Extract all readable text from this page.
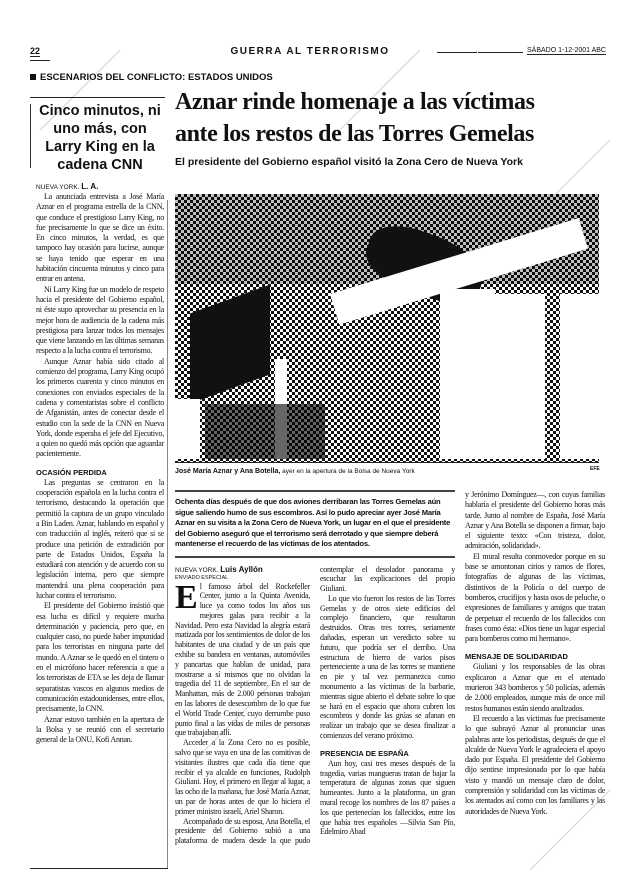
22	GUERRA AL TERRORISMO	SÁBADO 1-12-2001 ABC
ESCENARIOS DEL CONFLICTO: ESTADOS UNIDOS
Cinco minutos, ni uno más, con Larry King en la cadena CNN
NUEVA YORK. L. A.

La anunciada entrevista a José María Aznar en el programa estrella de la CNN, que conduce el prestigioso Larry King, no fue precisamente lo que se dice un éxito. En cinco minutos, la verdad, es que tampoco hay ocasión para lucirse, aunque se haya tenido que esperar en una habitación cincuenta minutos y cinco para entrar en antena.

Ni Larry King fue un modelo de respeto hacia el presidente del Gobierno español, ni éste supo aprovechar su presencia en la mejor hora de audiencia de la cadena más prestigiosa para lanzar todos los mensajes que viene lanzando en las últimas semanas respecto a la lucha contra el terrorismo.

Aunque Aznar había sido citado al comienzo del programa, Larry King ocupó los primeros cuarenta y cinco minutos en conexiones con enviados especiales de la cadena y comentaristas sobre el conflicto de Afganistán, antes de conectar desde el estudio con la sede de la CNN en Nueva York, donde esperaba el jefe del Ejecutivo, a quien no quedó más opción que aguardar pacientemente.

OCASIÓN PERDIDA

Las preguntas se centraron en la cooperación española en la lucha contra el terrorismo, destacando la operación que permitió la captura de un grupo vinculado a Bin Laden. Aznar, hablando en español y con traducción al inglés, reiteró que si se produce una petición de extradición por parte de Estados Unidos, España la estudiará con atención y de acuerdo con su legislación interna, pero que siempre mantendrá una plena cooperación para luchar contra el terrorismo.

El presidente del Gobierno insistió que esa lucha es difícil y requiere mucha determinación y paciencia, pero que, en cualquier caso, no puede haber impunidad para los terroristas en ninguna parte del mundo. A Aznar se le quedó en el tintero o en el micrófono hacer referencia a que a los terroristas de ETA se les deja de llamar separatistas vascos en algunos medios de comunicación estadounidenses, entre ellos, precisamente, la CNN.

Aznar estuvo también en la apertura de la Bolsa y se reunió con el secretario general de la ONU, Kofi Annan.

Aznar rinde homenaje a las víctimas
ante los restos de las Torres Gemelas
El presidente del Gobierno español visitó la Zona Cero de Nueva York
EFE
José María Aznar y Ana Botella, ayer en la apertura de la Bolsa de Nueva York
Ochenta días después de que dos aviones derribaran las Torres Gemelas aún sigue saliendo humo de sus escombros. Así lo pudo apreciar ayer José María Aznar en su visita a la Zona Cero de Nueva York, un lugar en el que el presidente del Gobierno aseguró que el terrorismo será derrotado y que siempre deberá mantenerse el recuerdo de las víctimas de los atentados.
NUEVA YORK. Luis Ayllón
ENVIADO ESPECIAL

El famoso árbol del Rockefeller Center, junto a la Quinta Avenida, luce ya como todos los años sus mejores galas para recibir a la Navidad. Pero esta Navidad la alegría estará matizada por los sentimientos de dolor de los habitantes de una ciudad y de un país que exhibe su bandera en ventanas, automóviles y pancartas que hablan de unidad, para mostrarse a sí mismos que no olvidan la tragedia del 11 de septiembre. En el sur de Manhattan, más de 2.000 personas trabajan en las labores de desescombro de lo que fue el World Trade Center, cuyo derrumbe puso punto final a las vidas de miles de personas que trabajaban allí.

Acceder a la Zona Cero no es posible, salvo que se vaya en una de las comitivas de visitantes ilustres que cada día tiene que recibir el ya alcalde en funciones, Rudolph Giuliani. Hoy, el primero en llegar al lugar, a las ocho de la mañana, fue José María Aznar, un par de horas antes de que lo hiciera el primer ministro israelí, Ariel Sharon.

Acompañado de su esposa, Ana Botella, el presidente del Gobierno subió a una plataforma de madera desde la que pudo contemplar el desolador panorama y escuchar las explicaciones del propio Giuliani.

Lo que vio fueron los restos de las Torres Gemelas y de otros siete edificios del complejo financiero, que resultaron destruidos. Otras tres torres, seriamente dañadas, esperan un veredicto sobre su futuro, que podría ser el derribo. Una estructura de hierro de varios pisos perteneciente a una de las torres se mantiene en pie y tal vez permanezca como monumento a las víctimas de la barbarie, mientras sigue abierto el debate sobre lo que se hará en el espacio que ahora cubren los escombros y donde las grúas se afanan en realizar un trabajo que se desea finalizar a comienzos del verano próximo.

PRESENCIA DE ESPAÑA

Aun hoy, casi tres meses después de la tragedia, varias mangueras tratan de bajar la temperatura de algunas zonas que siguen humeantes. Junto a la plataforma, un gran mural recoge los nombres de los 87 países a los que pertenecían los fallecidos, entre los que había tres españoles —Silvia San Pío, Edelmiro Abad

y Jerónimo Domínguez—, con cuyas familias hablaría el presidente del Gobierno horas más tarde. Junto al nombre de España, José María Aznar y Ana Botella se disponen a firmar, bajo el siguiente texto: «Con tristeza, dolor, admiración, solidaridad».

El mural resulta conmovedor porque en su base se amontonan cirios y ramos de flores, fotografías de algunas de las víctimas, distintivos de la Policía o del cuerpo de bomberos, crucifijos y hasta osos de peluche, o expresiones de familiares y amigos que tratan de perpetuar el recuerdo de los fallecidos con frases como ésta: «Dios tiene un lugar especial para bomberos como mi hermano».

MENSAJE DE SOLIDARIDAD

Giuliani y los responsables de las obras explicaron a Aznar que en el atentado murieron 343 bomberos y 50 policías, además de 2.000 empleados, aunque más de once mil restos humanos están siendo analizados.

El recuerdo a las víctimas fue precisamente lo que subrayó Aznar al pronunciar unas palabras ante los periodistas, después de que el alcalde de Nueva York le agradeciera el apoyo dado por España. El presidente del Gobierno dijo sentirse impresionado por lo que había visto y mandó un mensaje claro de dolor, comprensión y solidaridad con las víctimas de los atentados así como con los familiares y las autoridades de Nueva York.
